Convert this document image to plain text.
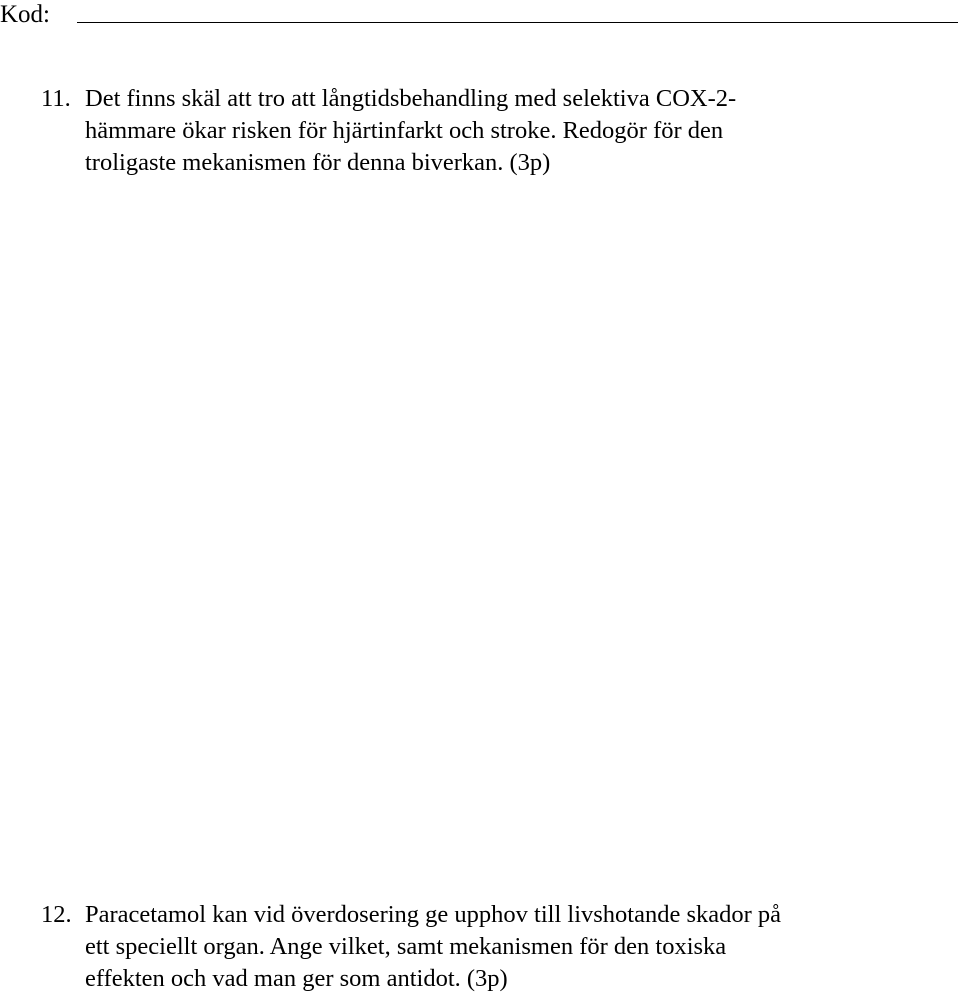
Kod:
11. Det finns skäl att tro att långtidsbehandling med selektiva COX-2-
hämmare ökar risken för hjärtinfarkt och stroke. Redogör för den
troligaste mekanismen för denna biverkan. (3p)
12. Paracetamol kan vid överdosering ge upphov till livshotande skador på
ett speciellt organ. Ange vilket, samt mekanismen för den toxiska
effekten och vad man ger som antidot. (3p)
